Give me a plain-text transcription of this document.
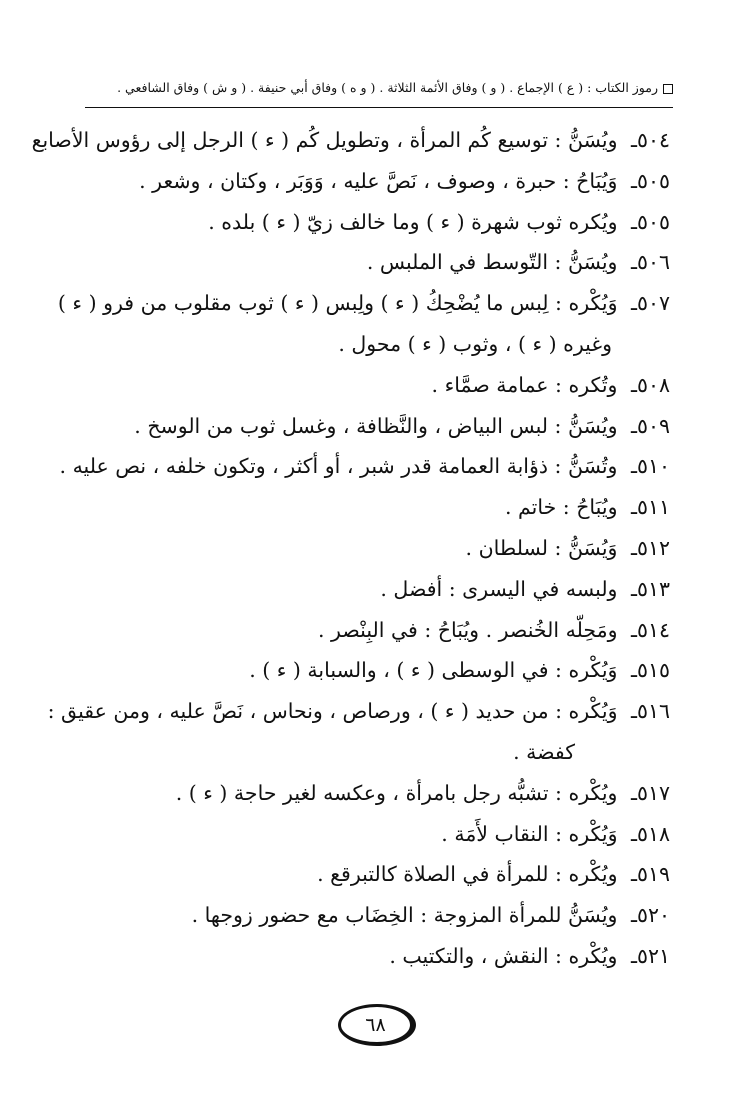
رموز الكتاب : ( ع ) الإجماع . ( و ) وفاق الأئمة الثلاثة . ( و ه ) وفاق أبي حنيفة . ( و ش ) وفاق الشافعي .
٥٠٤ـ ويُسَنُّ : توسيع كُم المرأة ، وتطويل كُم ( ء ) الرجل إلى رؤوس الأصابع
٥٠٥ـ وَيُبَاحُ : حبرة ، وصوف ، نَصَّ عليه ، وَوَبَر ، وكتان ، وشعر .
٥٠٥ـ ويُكره ثوب شهرة ( ء ) وما خالف زيّ ( ء ) بلده .
٥٠٦ـ ويُسَنُّ : التّوسط في الملبس .
٥٠٧ـ وَيُكْره : لِبس ما يُضْحِكُ ( ء ) ولِبس ( ء ) ثوب مقلوب من فرو ( ء )
وغيره ( ء ) ، وثوب ( ء ) محول .
٥٠٨ـ وتُكره : عمامة صمَّاء .
٥٠٩ـ ويُسَنُّ : لبس البياض ، والنَّظافة ، وغسل ثوب من الوسخ .
٥١٠ـ وتُسَنُّ : ذؤابة العمامة قدر شبر ، أو أكثر ، وتكون خلفه ، نص عليه .
٥١١ـ ويُبَاحُ : خاتم .
٥١٢ـ وَيُسَنُّ : لسلطان .
٥١٣ـ ولبسه في اليسرى : أفضل .
٥١٤ـ ومَحِلّه الخُنصر . ويُبَاحُ : في البِنْصر .
٥١٥ـ وَيُكْره : في الوسطى ( ء ) ، والسبابة ( ء ) .
٥١٦ـ وَيُكْره : من حديد ( ء ) ، ورصاص ، ونحاس ، نَصَّ عليه ، ومن عقيق :
كفضة .
٥١٧ـ ويُكْره : تشبُّه رجل بامرأة ، وعكسه لغير حاجة ( ء ) .
٥١٨ـ وَيُكْره : النقاب لأَمَة .
٥١٩ـ ويُكْره : للمرأة في الصلاة كالتبرقع .
٥٢٠ـ ويُسَنُّ للمرأة المزوجة : الخِضَاب مع حضور زوجها .
٥٢١ـ ويُكْره : النقش ، والتكتيب .
٦٨
